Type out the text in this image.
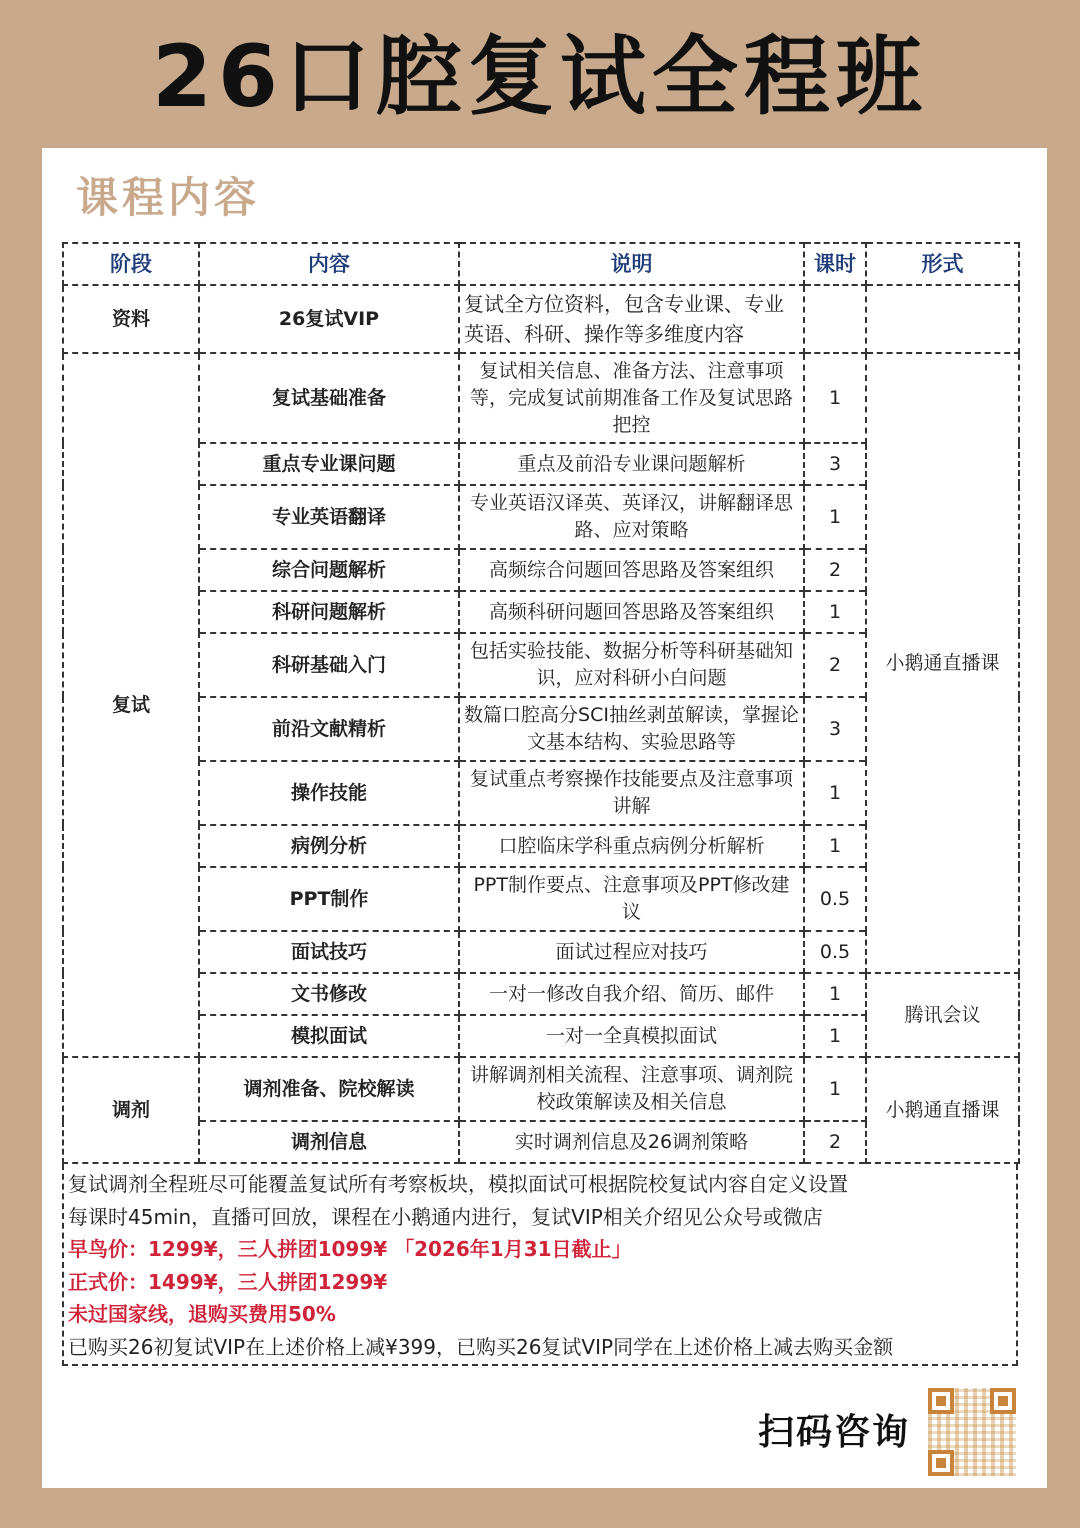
26口腔复试全程班
课程内容
阶段	内容	说明	课时	形式
资料	26复试VIP	复试全方位资料，包含专业课、专业英语、科研、操作等多维度内容		
复试	复试基础准备	复试相关信息、准备方法、注意事项等，完成复试前期准备工作及复试思路把控	1	小鹅通直播课
	重点专业课问题	重点及前沿专业课问题解析	3	
	专业英语翻译	专业英语汉译英、英译汉，讲解翻译思路、应对策略	1	
	综合问题解析	高频综合问题回答思路及答案组织	2	
	科研问题解析	高频科研问题回答思路及答案组织	1	
	科研基础入门	包括实验技能、数据分析等科研基础知识，应对科研小白问题	2	
	前沿文献精析	数篇口腔高分SCI抽丝剥茧解读，掌握论文基本结构、实验思路等	3	
	操作技能	复试重点考察操作技能要点及注意事项讲解	1	
	病例分析	口腔临床学科重点病例分析解析	1	
	PPT制作	PPT制作要点、注意事项及PPT修改建议	0.5	
	面试技巧	面试过程应对技巧	0.5	
	文书修改	一对一修改自我介绍、简历、邮件	1	腾讯会议
	模拟面试	一对一全真模拟面试	1	
调剂	调剂准备、院校解读	讲解调剂相关流程、注意事项、调剂院校政策解读及相关信息	1	小鹅通直播课
	调剂信息	实时调剂信息及26调剂策略	2	
复试调剂全程班尽可能覆盖复试所有考察板块，模拟面试可根据院校复试内容自定义设置
每课时45min，直播可回放，课程在小鹅通内进行，复试VIP相关介绍见公众号或微店
早鸟价：1299¥，三人拼团1099¥ 「2026年1月31日截止」
正式价：1499¥，三人拼团1299¥
未过国家线，退购买费用50%
已购买26初复试VIP在上述价格上减¥399，已购买26复试VIP同学在上述价格上减去购买金额
扫码咨询
